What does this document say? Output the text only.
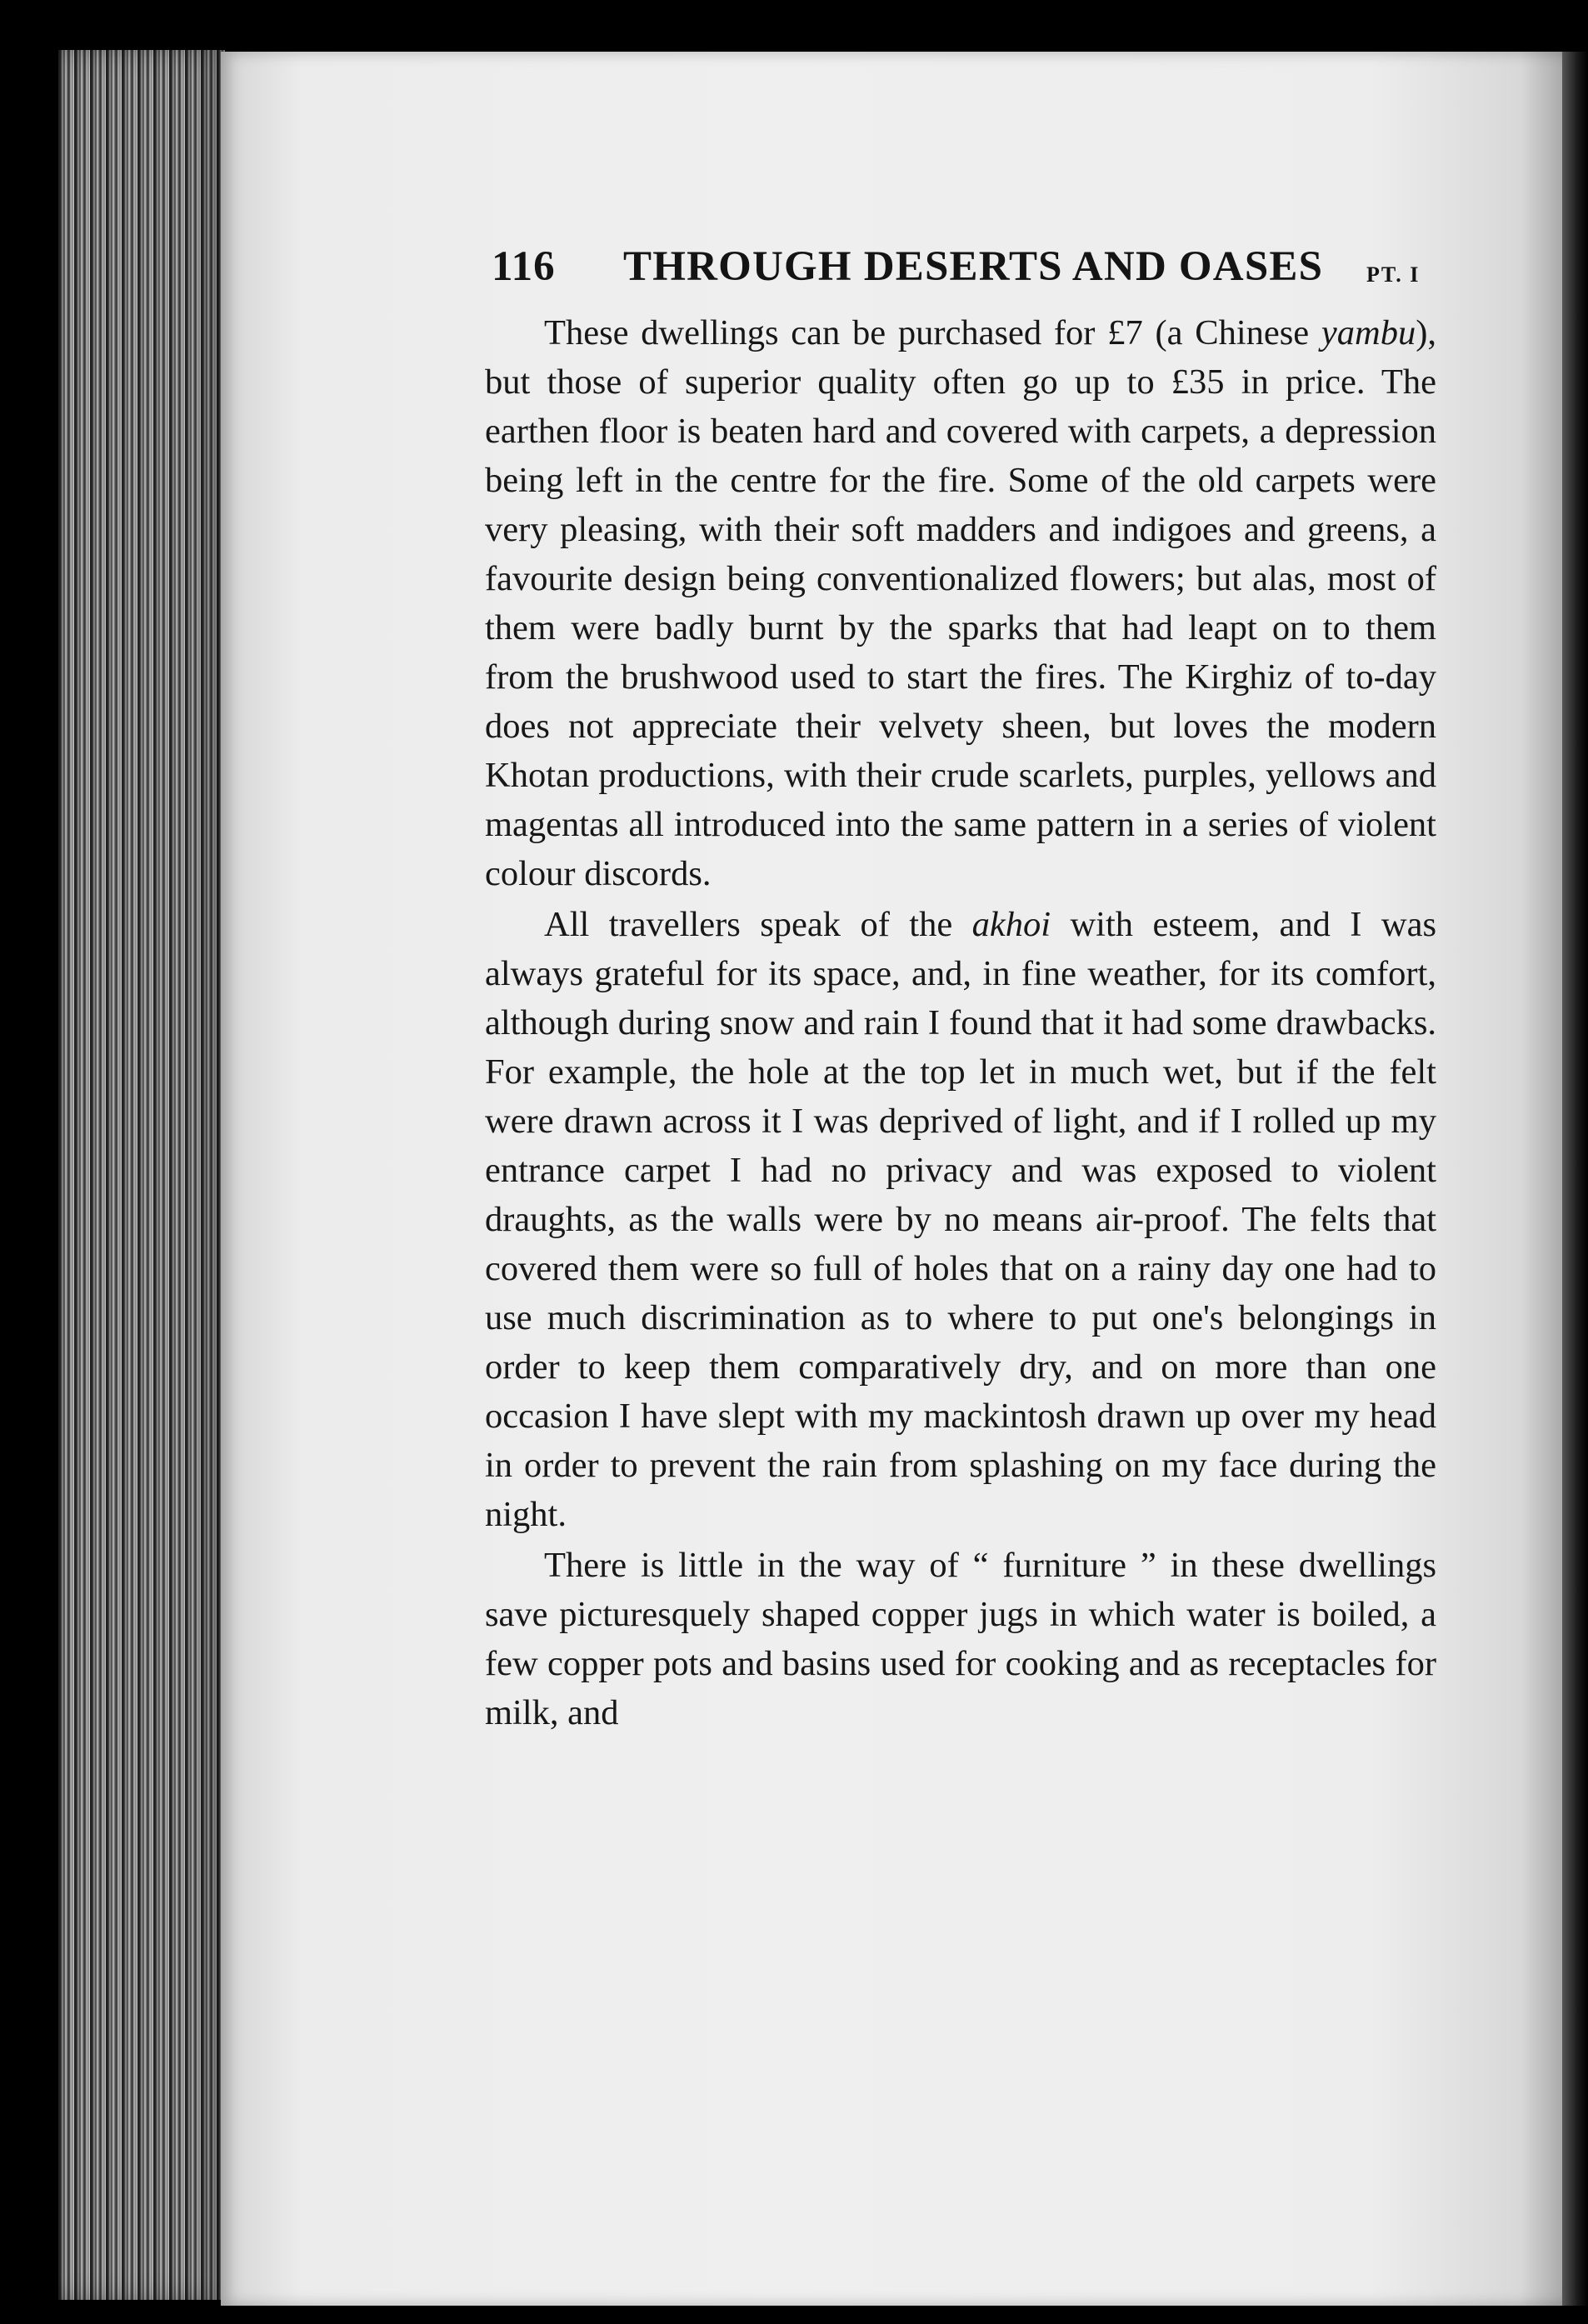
116 THROUGH DESERTS AND OASES PT. I

These dwellings can be purchased for £7 (a Chinese yambu), but those of superior quality often go up to £35 in price. The earthen floor is beaten hard and covered with carpets, a depression being left in the centre for the fire. Some of the old carpets were very pleasing, with their soft madders and indigoes and greens, a favourite design being conventionalized flowers; but alas, most of them were badly burnt by the sparks that had leapt on to them from the brushwood used to start the fires. The Kirghiz of to-day does not appreciate their velvety sheen, but loves the modern Khotan productions, with their crude scarlets, purples, yellows and magentas all introduced into the same pattern in a series of violent colour discords.

All travellers speak of the akhoi with esteem, and I was always grateful for its space, and, in fine weather, for its comfort, although during snow and rain I found that it had some drawbacks. For example, the hole at the top let in much wet, but if the felt were drawn across it I was deprived of light, and if I rolled up my entrance carpet I had no privacy and was exposed to violent draughts, as the walls were by no means air-proof. The felts that covered them were so full of holes that on a rainy day one had to use much discrimination as to where to put one's belongings in order to keep them comparatively dry, and on more than one occasion I have slept with my mackintosh drawn up over my head in order to prevent the rain from splashing on my face during the night.

There is little in the way of “ furniture ” in these dwellings save picturesquely shaped copper jugs in which water is boiled, a few copper pots and basins used for cooking and as receptacles for milk, and
